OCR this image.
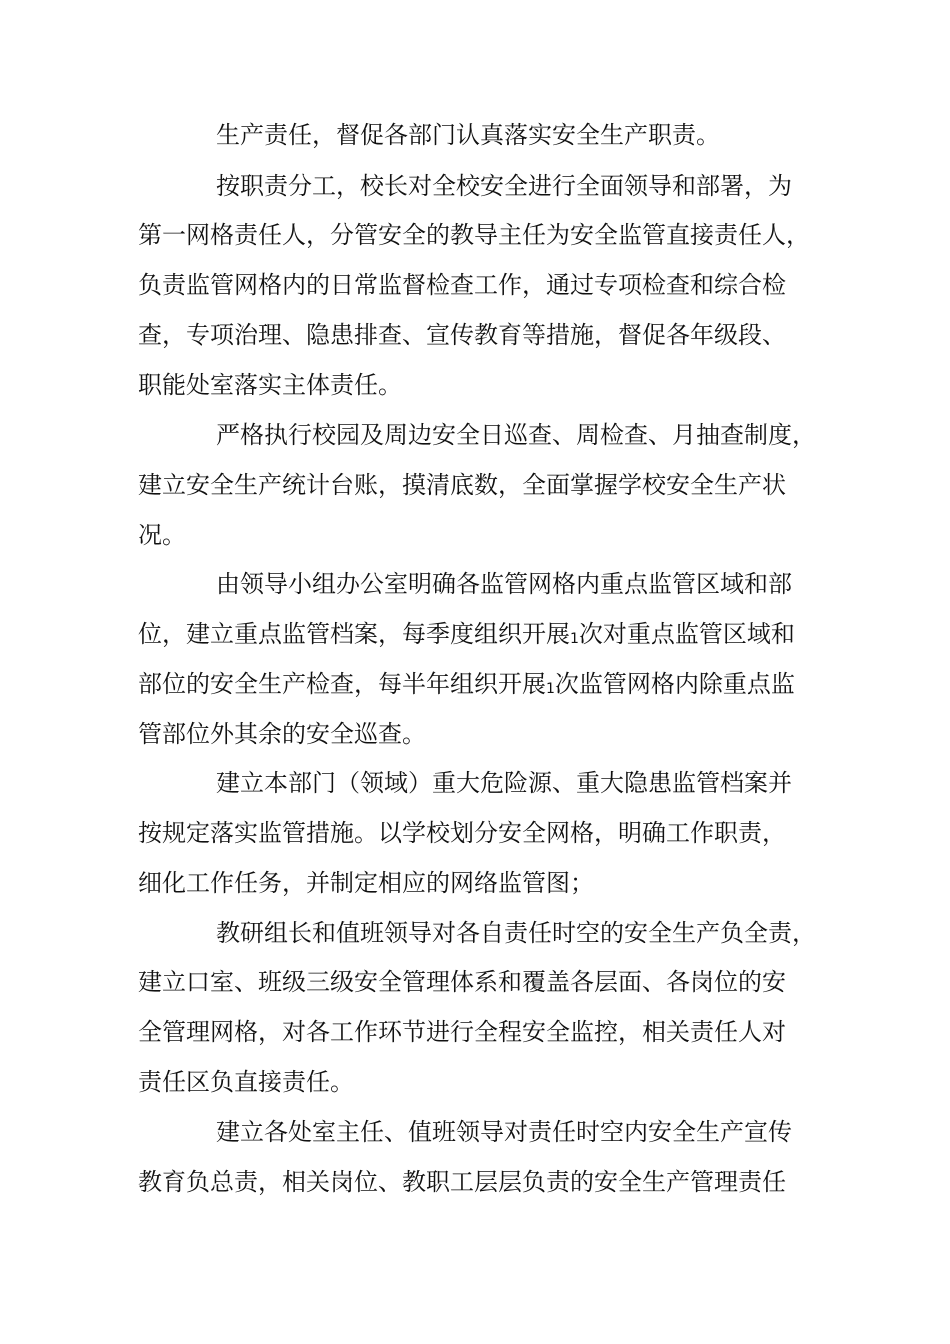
生产责任，督促各部门认真落实安全生产职责。
按职责分工，校长对全校安全进行全面领导和部署，为
第一网格责任人，分管安全的教导主任为安全监管直接责任人，
负责监管网格内的日常监督检查工作，通过专项检查和综合检
查，专项治理、隐患排查、宣传教育等措施，督促各年级段、
职能处室落实主体责任。
严格执行校园及周边安全日巡查、周检查、月抽查制度，
建立安全生产统计台账，摸清底数，全面掌握学校安全生产状
况。
由领导小组办公室明确各监管网格内重点监管区域和部
位，建立重点监管档案，每季度组织开展1次对重点监管区域和
部位的安全生产检查，每半年组织开展1次监管网格内除重点监
管部位外其余的安全巡查。
建立本部门（领域）重大危险源、重大隐患监管档案并
按规定落实监管措施。以学校划分安全网格，明确工作职责，
细化工作任务，并制定相应的网络监管图；
教研组长和值班领导对各自责任时空的安全生产负全责，
建立口室、班级三级安全管理体系和覆盖各层面、各岗位的安
全管理网格，对各工作环节进行全程安全监控，相关责任人对
责任区负直接责任。
建立各处室主任、值班领导对责任时空内安全生产宣传
教育负总责，相关岗位、教职工层层负责的安全生产管理责任
